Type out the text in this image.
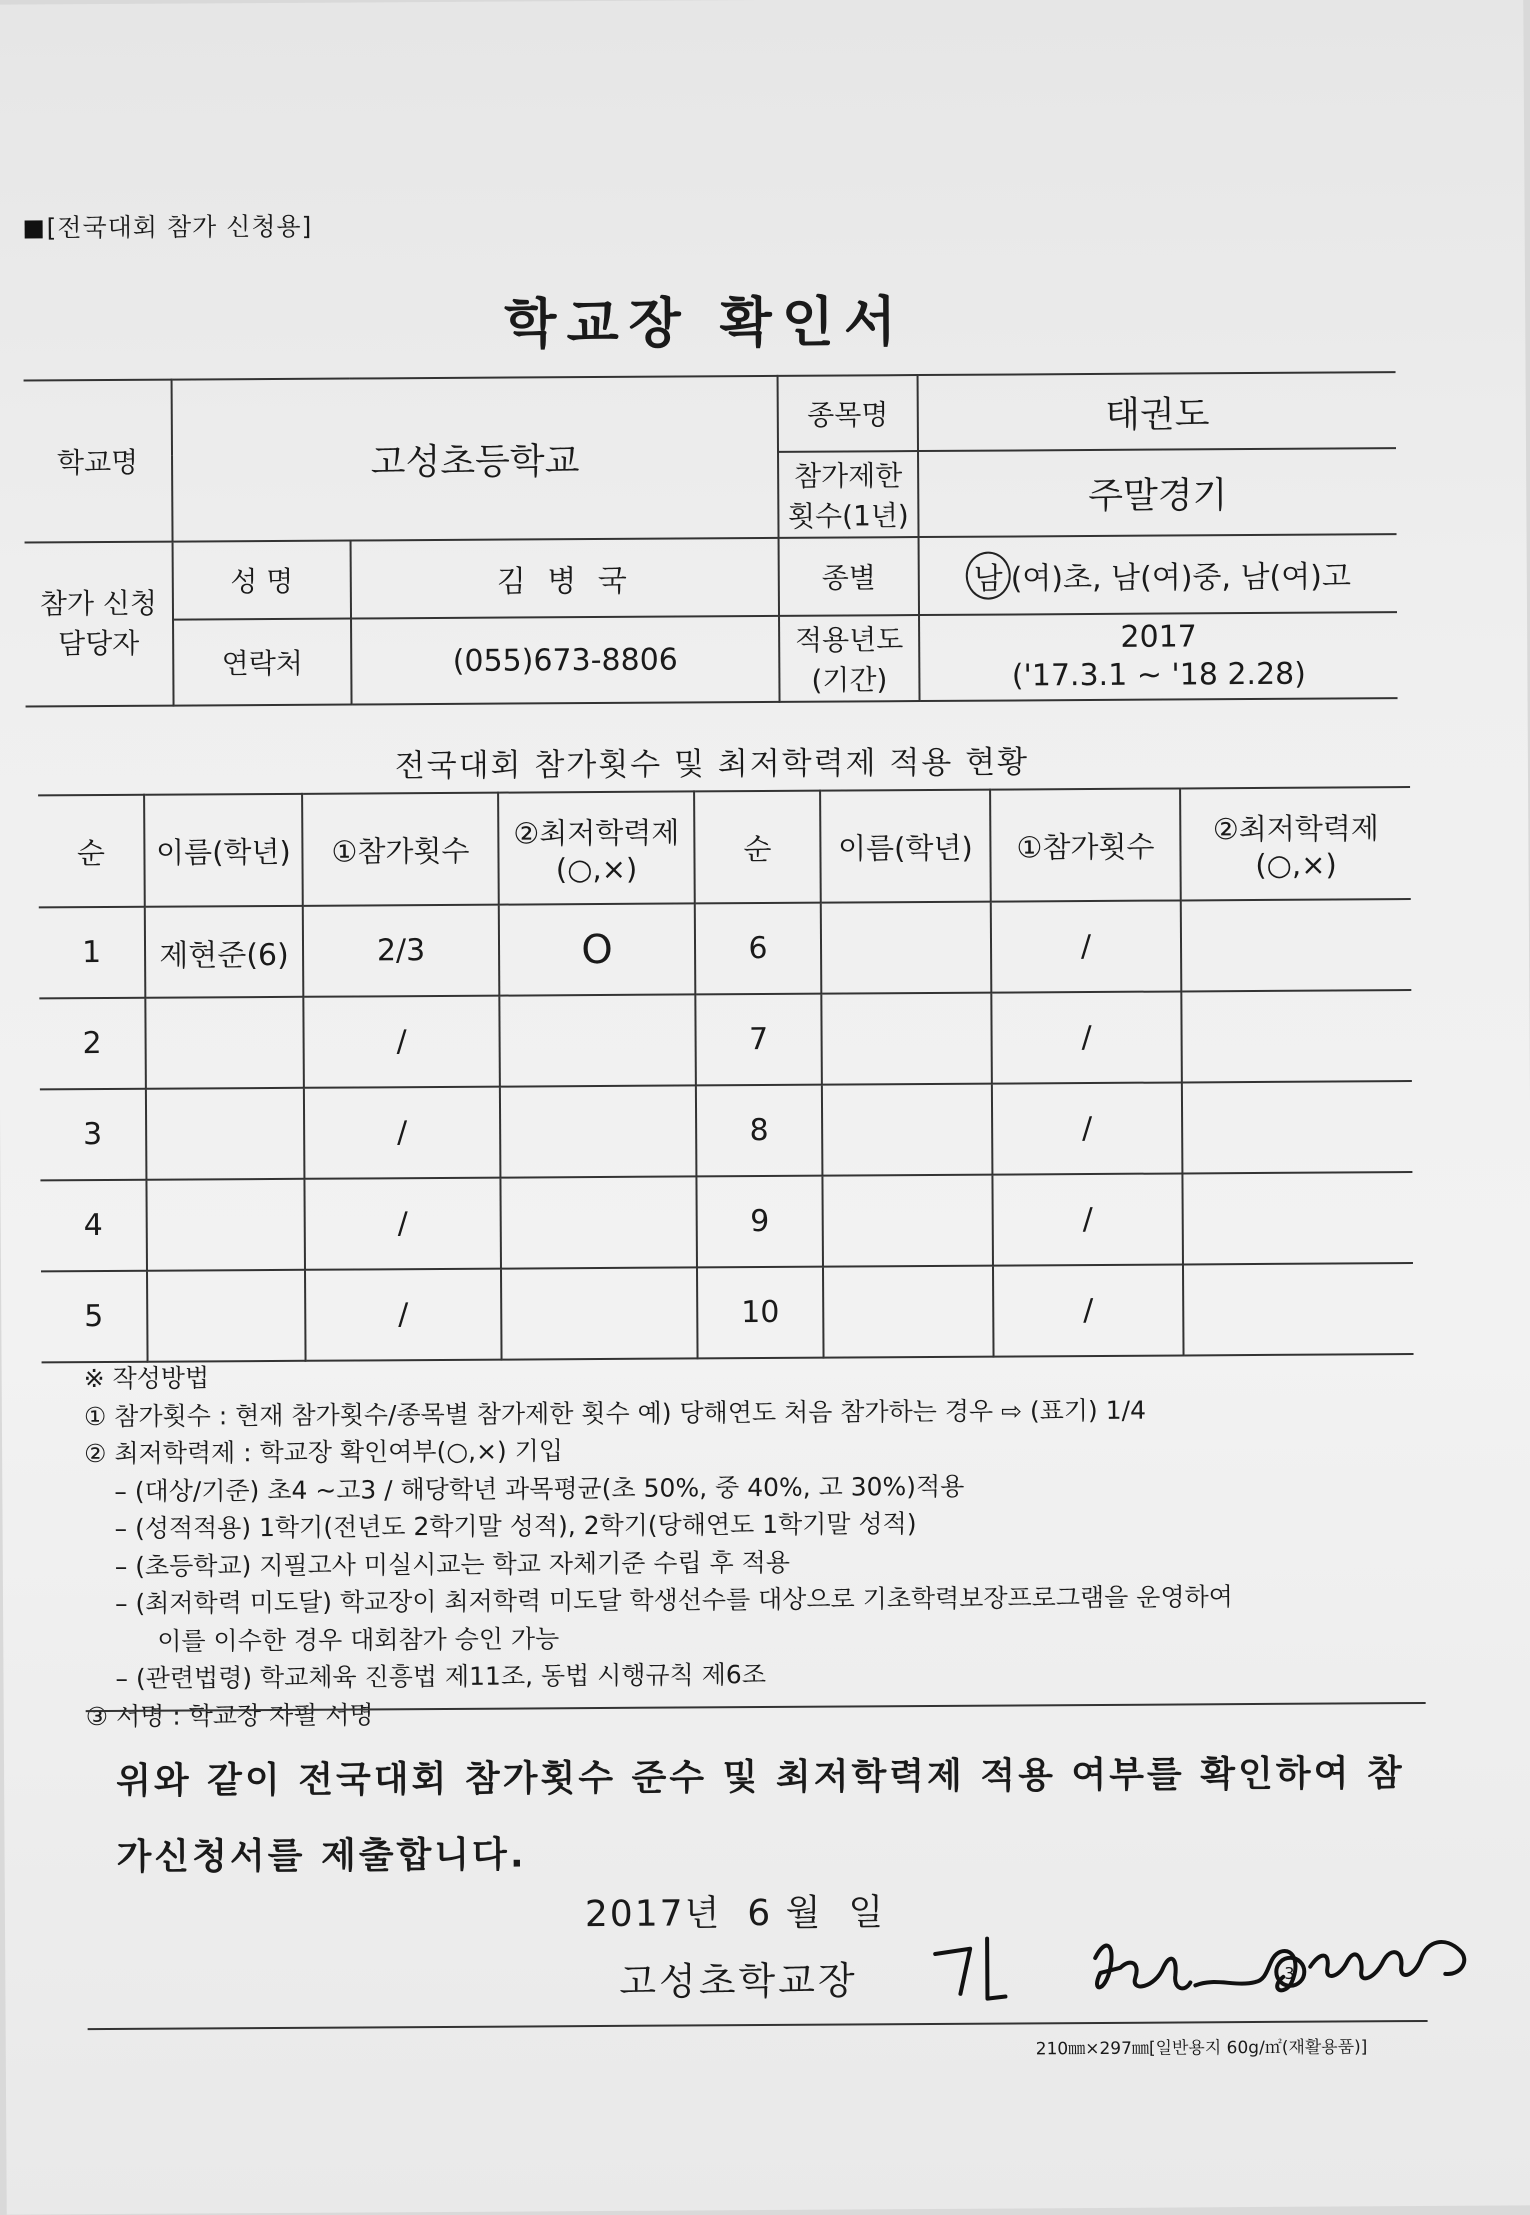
[전국대회 참가 신청용]
학교장 확인서
학교명	고성초등학교		종목명	태권도
			참가제한 횟수(1년)	주말경기
참가 신청 담당자	성 명	김 병 국	종별	남 (여)초, 남(여)중, 남(여)고
	연락처	(055)673-8806	적용년도 (기간)	2017
('17.3.1 ~ '18 2.28)
전국대회 참가횟수 및 최저학력제 적용 현황
순	이름(학년)	①참가횟수	②최저학력제 (○,×)	순	이름(학년)	①참가횟수	②최저학력제 (○,×)
1	제현준(6)	2/3	O	6		/	
2		/		7		/	
3		/		8		/	
4		/		9		/	
5		/		10		/	
※ 작성방법
① 참가횟수 : 현재 참가횟수/종목별 참가제한 횟수 예) 당해연도 처음 참가하는 경우 ⇨ (표기) 1/4
② 최저학력제 : 학교장 확인여부(○,×) 기입
– (대상/기준) 초4 ~고3 / 해당학년 과목평균(초 50%, 중 40%, 고 30%)적용
– (성적적용) 1학기(전년도 2학기말 성적), 2학기(당해연도 1학기말 성적)
– (초등학교) 지필고사 미실시교는 학교 자체기준 수립 후 적용
– (최저학력 미도달) 학교장이 최저학력 미도달 학생선수를 대상으로 기초학력보장프로그램을 운영하여
이를 이수한 경우 대회참가 승인 가능
– (관련법령) 학교체육 진흥법 제11조, 동법 시행규칙 제6조
③ 서명 : 학교장 자필 서명
위와 같이 전국대회 참가횟수 준수 및 최저학력제 적용 여부를 확인하여 참가신청서를 제출합니다.
2017년 6 월 일
고성초학교장	3
210㎜×297㎜[일반용지 60g/㎡(재활용품)]
